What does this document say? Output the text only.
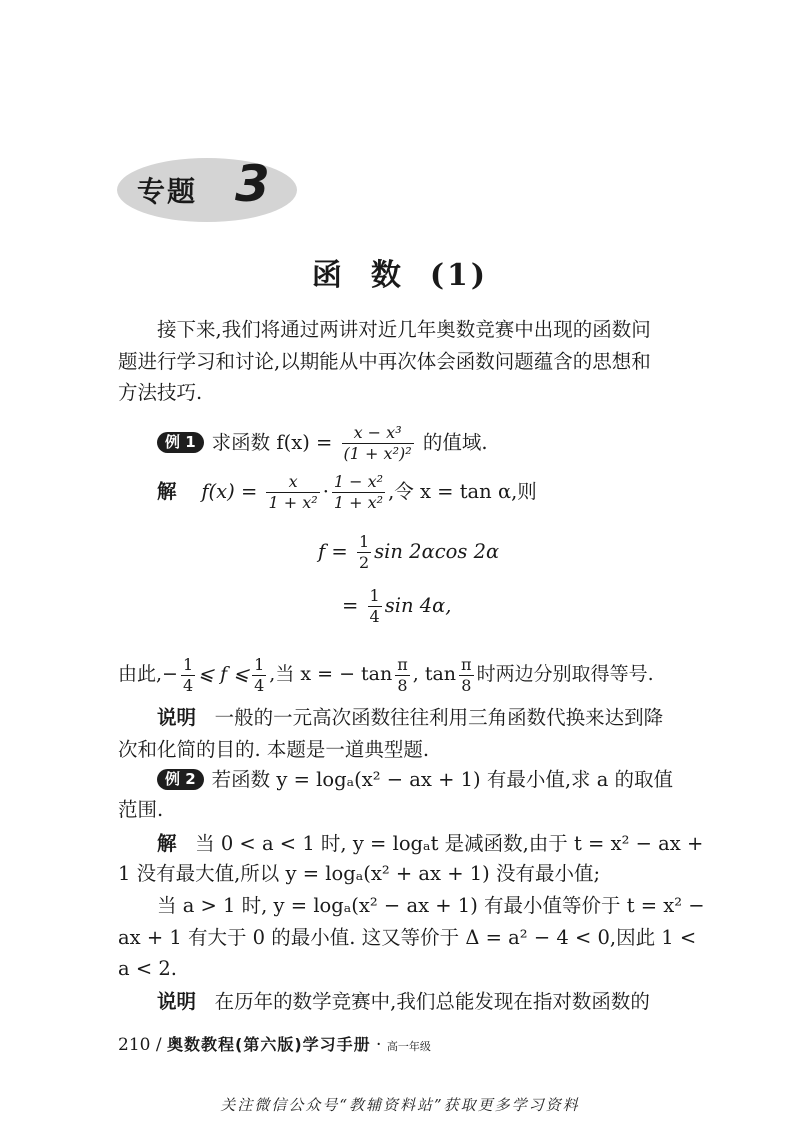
专题 3
函 数 (1)
接下来,我们将通过两讲对近几年奥数竞赛中出现的函数问
题进行学习和讨论,以期能从中再次体会函数问题蕴含的思想和
方法技巧.
例 1 求函数 $f(x) = \frac{\text{x − x³}}{\text{(1 + x²)²}}$ 的值域.
解 $f(x) = \frac{x}{\text{1 + x²}} \cdot \frac{\text{1 − x²}}{\text{1 + x²}}$ ,令 x = tan α,则
$f = \frac{1}{2}$ sin 2αcos 2α
= $\frac{1}{4}$ sin 4α,
由此,− $\frac{1}{4}$ ⩽ f ⩽ $\frac{1}{4}$ ,当 x = − $\tan \frac{\pi}{8}$ , $\tan \frac{\pi}{8}$ 时两边分别取得等号.
说明 一般的一元高次函数往往利用三角函数代换来达到降
次和化简的目的. 本题是一道典型题.
例 2 若函数 y = logₐ(x² − ax + 1) 有最小值,求 a 的取值
范围.
解 当 0 < a < 1 时, y = logₐt 是减函数,由于 t = x² − ax +
1 没有最大值,所以 y = logₐ(x² + ax + 1) 没有最小值;
当 a > 1 时, y = logₐ(x² − ax + 1) 有最小值等价于 t = x² −
ax + 1 有大于 0 的最小值. 这又等价于 Δ = a² − 4 < 0,因此 1 <
a < 2.
说明 在历年的数学竞赛中,我们总能发现在指对数函数的
210 / 奥数教程(第六版)学习手册 · 高一年级
关注微信公众号“教辅资料站”获取更多学习资料
